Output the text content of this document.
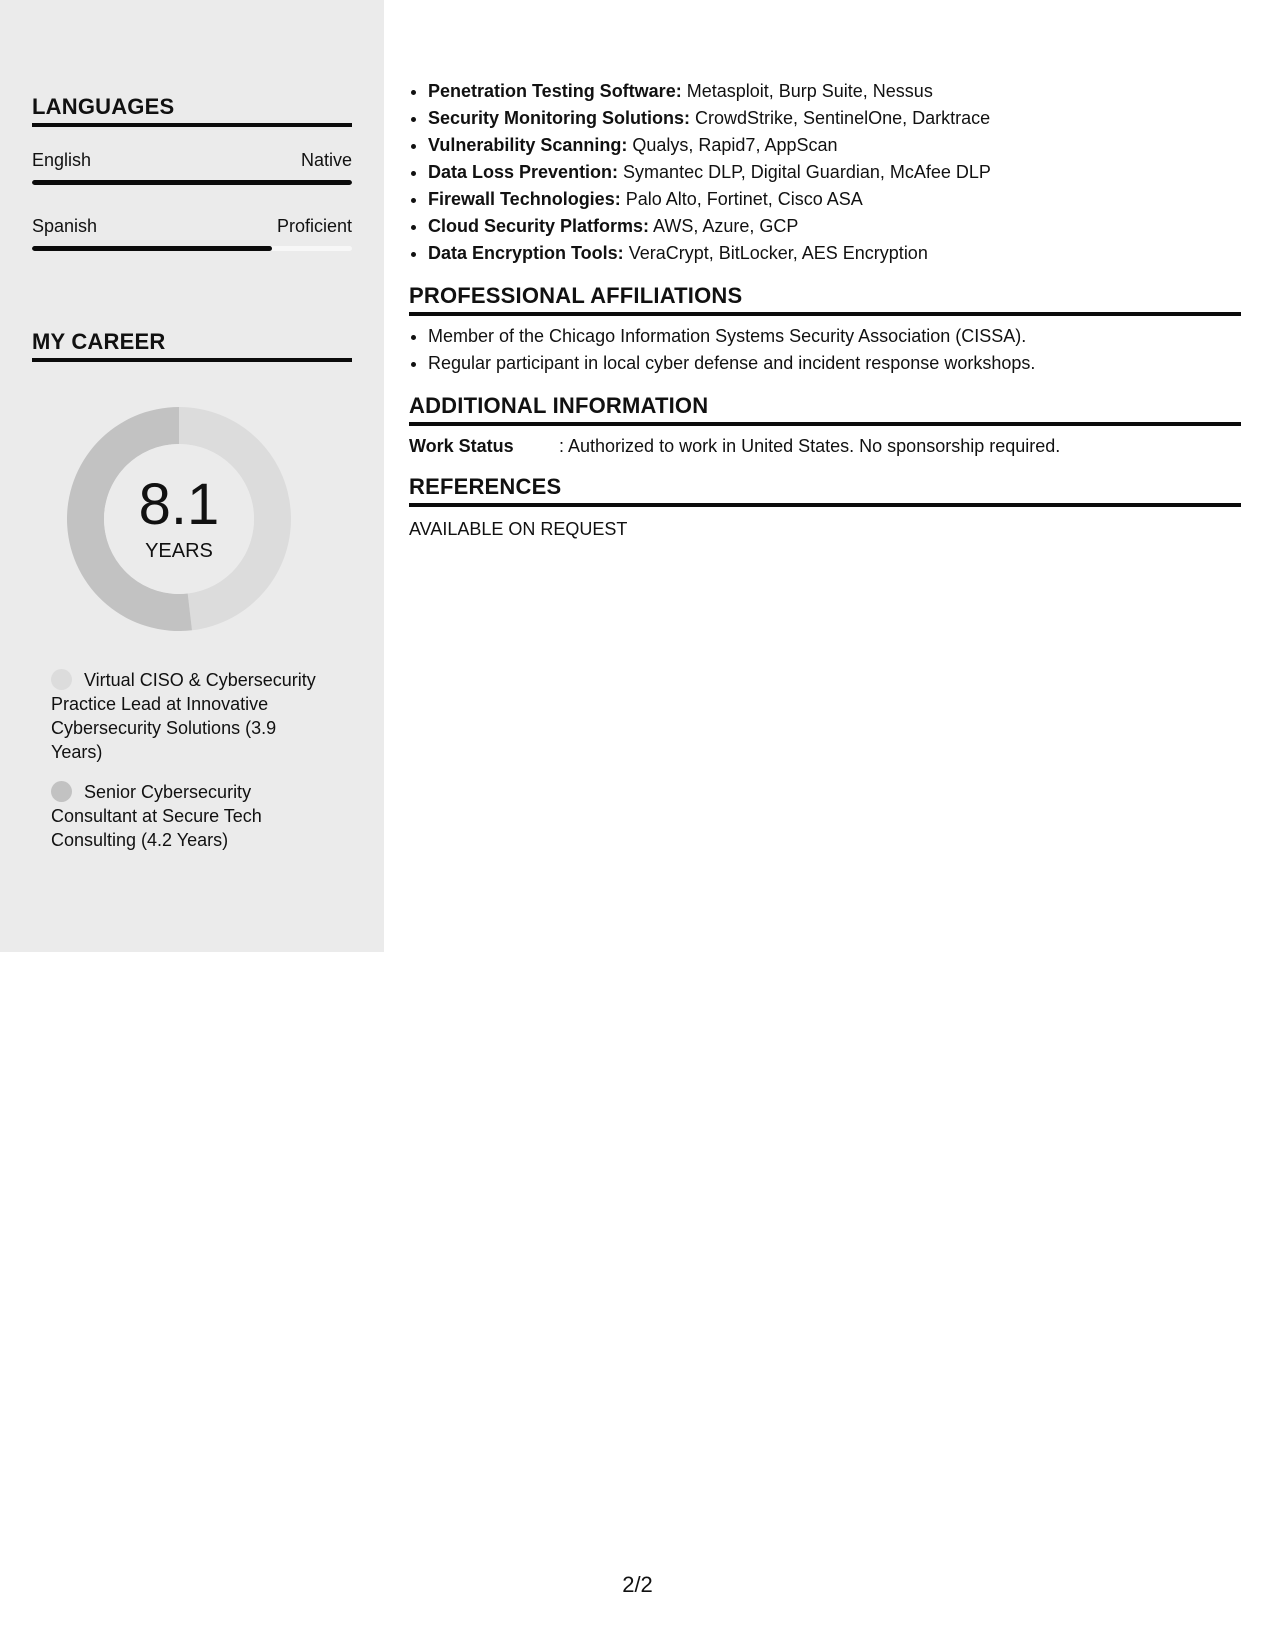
LANGUAGES
English	Native
Spanish	Proficient
MY CAREER
8.1
YEARS
Virtual CISO & Cybersecurity Practice Lead at Innovative Cybersecurity Solutions (3.9 Years)
Senior Cybersecurity Consultant at Secure Tech Consulting (4.2 Years)
• Penetration Testing Software: Metasploit, Burp Suite, Nessus
• Security Monitoring Solutions: CrowdStrike, SentinelOne, Darktrace
• Vulnerability Scanning: Qualys, Rapid7, AppScan
• Data Loss Prevention: Symantec DLP, Digital Guardian, McAfee DLP
• Firewall Technologies: Palo Alto, Fortinet, Cisco ASA
• Cloud Security Platforms: AWS, Azure, GCP
• Data Encryption Tools: VeraCrypt, BitLocker, AES Encryption
PROFESSIONAL AFFILIATIONS
• Member of the Chicago Information Systems Security Association (CISSA).
• Regular participant in local cyber defense and incident response workshops.
ADDITIONAL INFORMATION
Work Status	: Authorized to work in United States. No sponsorship required.
REFERENCES
AVAILABLE ON REQUEST
2/2
